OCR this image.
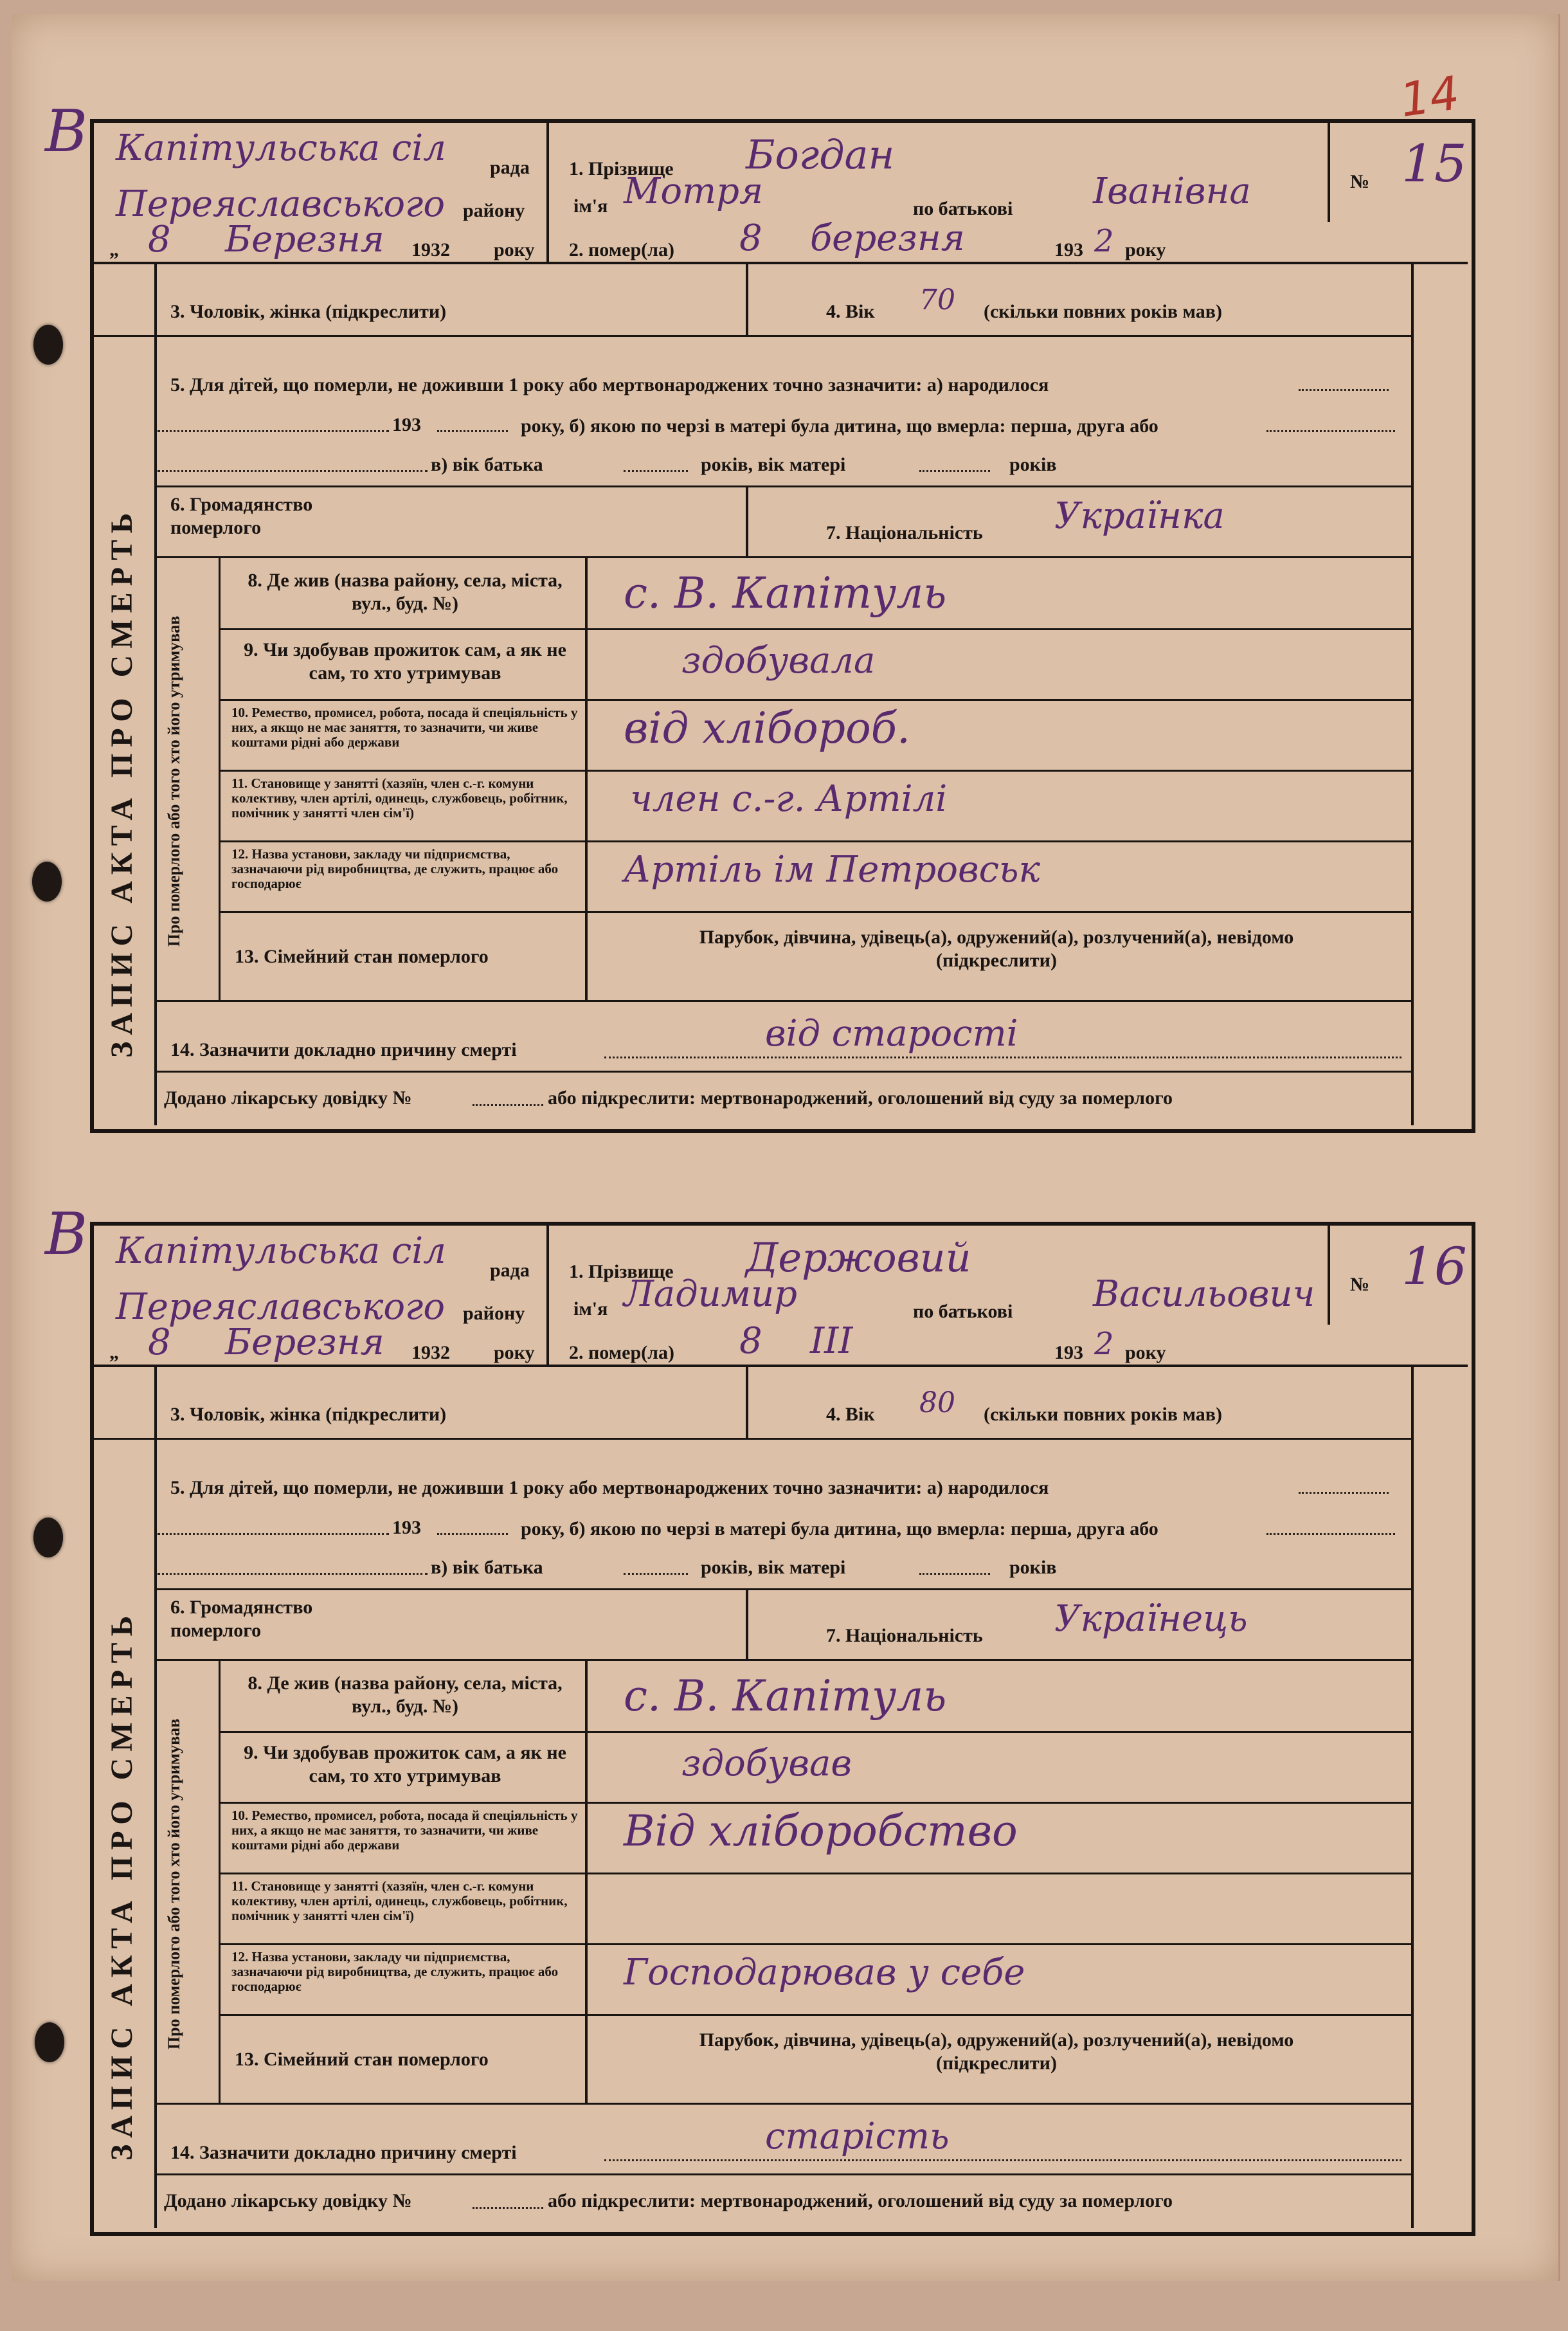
14
В Капітульська сіл рада
Переяславського району
„ 8 Березня 1932 року
1. Прізвище Богдан
ім'я Мотря	по батькові Іванівна
2. помер(ла) 8 березня	193 2 року
№ 15
ЗАПИС АКТА ПРО СМЕРТЬ Про померлого або того хто його утримував
3. Чоловік, жінка (підкреслити)	4. Вік 70 (скільки повних років мав)
5. Для дітей, що померли, не доживши 1 року або мертвонароджених точно зазначити: а) народилося
193	року, б) якою по черзі в матері була дитина, що вмерла: перша, друга або
в) вік батька	років, вік матері	років
6. Громадянство померлого	7. Національність Українка
8. Де жив (назва району, села, міста, вул., буд. №)	с. В. Капітуль
9. Чи здобував прожиток сам, а як не сам, то хто утримував	здобувала
10. Ремество, промисел, робота, посада й спеціяльність у них, а якщо не має заняття, то зазначити, чи живе коштами рідні або держави	від хлібороб.
11. Становище у занятті (хазяїн, член с.-г. комуни колективу, член артілі, одинець, службовець, робітник, помічник у занятті член сім'ї)	член с.-г. Артілі
12. Назва установи, закладу чи підприємства, зазначаючи рід виробництва, де служить, працює або господарює	Артіль ім Петровськ
13. Сімейний стан померлого
Парубок, дівчина, удівець(а), одружений(а), розлучений(а), невідомо (підкреслити)
14. Зазначити докладно причину смерті	від старості
Додано лікарську довідку №	або підкреслити: мертвонароджений, оголошений від суду за померлого
В Капітульська сіл рада
Переяславського району
„ 8 Березня 1932 року
1. Прізвище Держовий
ім'я Ладимир	по батькові Васильович
2. помер(ла) 8 III	193 2 року
№ 16
ЗАПИС АКТА ПРО СМЕРТЬ Про померлого або того хто його утримував
3. Чоловік, жінка (підкреслити)	4. Вік 80 (скільки повних років мав)
5. Для дітей, що померли, не доживши 1 року або мертвонароджених точно зазначити: а) народилося
193	року, б) якою по черзі в матері була дитина, що вмерла: перша, друга або
в) вік батька	років, вік матері	років
6. Громадянство померлого	7. Національність Українець
8. Де жив (назва району, села, міста, вул., буд. №)	с. В. Капітуль
9. Чи здобував прожиток сам, а як не сам, то хто утримував	здобував
10. Ремество, промисел, робота, посада й спеціяльність у них, а якщо не має заняття, то зазначити, чи живе коштами рідні або держави	Від хліборобство
11. Становище у занятті (хазяїн, член с.-г. комуни колективу, член артілі, одинець, службовець, робітник, помічник у занятті член сім'ї)
12. Назва установи, закладу чи підприємства, зазначаючи рід виробництва, де служить, працює або господарює	Господарював у себе
13. Сімейний стан померлого
Парубок, дівчина, удівець(а), одружений(а), розлучений(а), невідомо (підкреслити)
14. Зазначити докладно причину смерті	старість
Додано лікарську довідку №	або підкреслити: мертвонароджений, оголошений від суду за померлого
